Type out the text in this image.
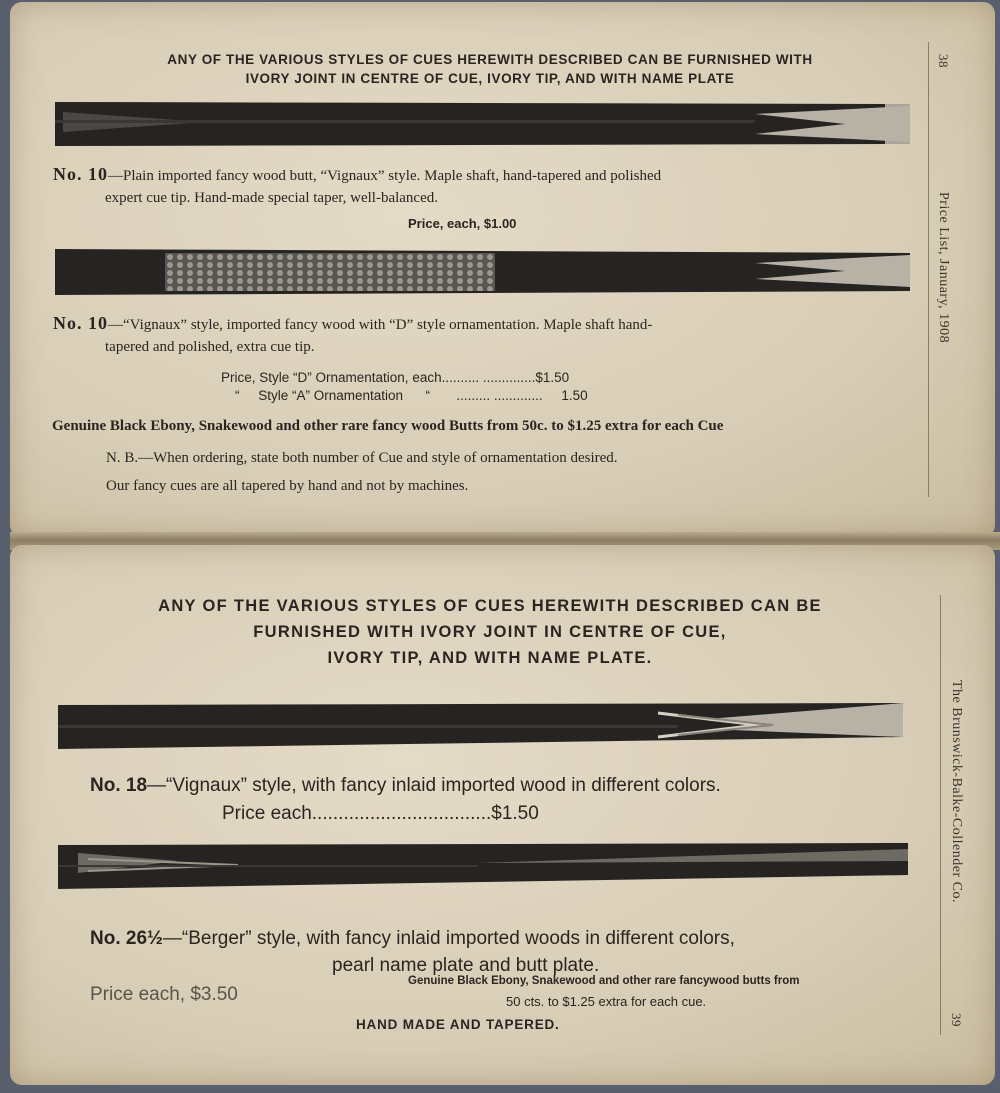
38
Price List, January, 1908
ANY OF THE VARIOUS STYLES OF CUES HEREWITH DESCRIBED CAN BE FURNISHED WITH
IVORY JOINT IN CENTRE OF CUE, IVORY TIP, AND WITH NAME PLATE
No. 10—Plain imported fancy wood butt, “Vignaux” style. Maple shaft, hand-tapered and polished
expert cue tip. Hand-made special taper, well-balanced.
Price, each, $1.00
No. 10—“Vignaux” style, imported fancy wood with “D” style ornamentation. Maple shaft hand-
tapered and polished, extra cue tip.
Price, Style “D” Ornamentation, each.......... ..............$1.50
“     Style “A” Ornamentation      “       ......... .............     1.50
Genuine Black Ebony, Snakewood and other rare fancy wood Butts from 50c. to $1.25 extra for each Cue
N. B.—When ordering, state both number of Cue and style of ornamentation desired.
Our fancy cues are all tapered by hand and not by machines.
The Brunswick-Balke-Collender Co.
39
ANY OF THE VARIOUS STYLES OF CUES HEREWITH DESCRIBED CAN BE
FURNISHED WITH IVORY JOINT IN CENTRE OF CUE,
IVORY TIP, AND WITH NAME PLATE.
No. 18—“Vignaux” style, with fancy inlaid imported wood in different colors.
Price each..................................$1.50
No. 26½—“Berger” style, with fancy inlaid imported woods in different colors,
pearl name plate and butt plate.
Price each, $3.50
Genuine Black Ebony, Snakewood and other rare fancywood butts from
50 cts. to $1.25 extra for each cue.
HAND MADE AND TAPERED.
